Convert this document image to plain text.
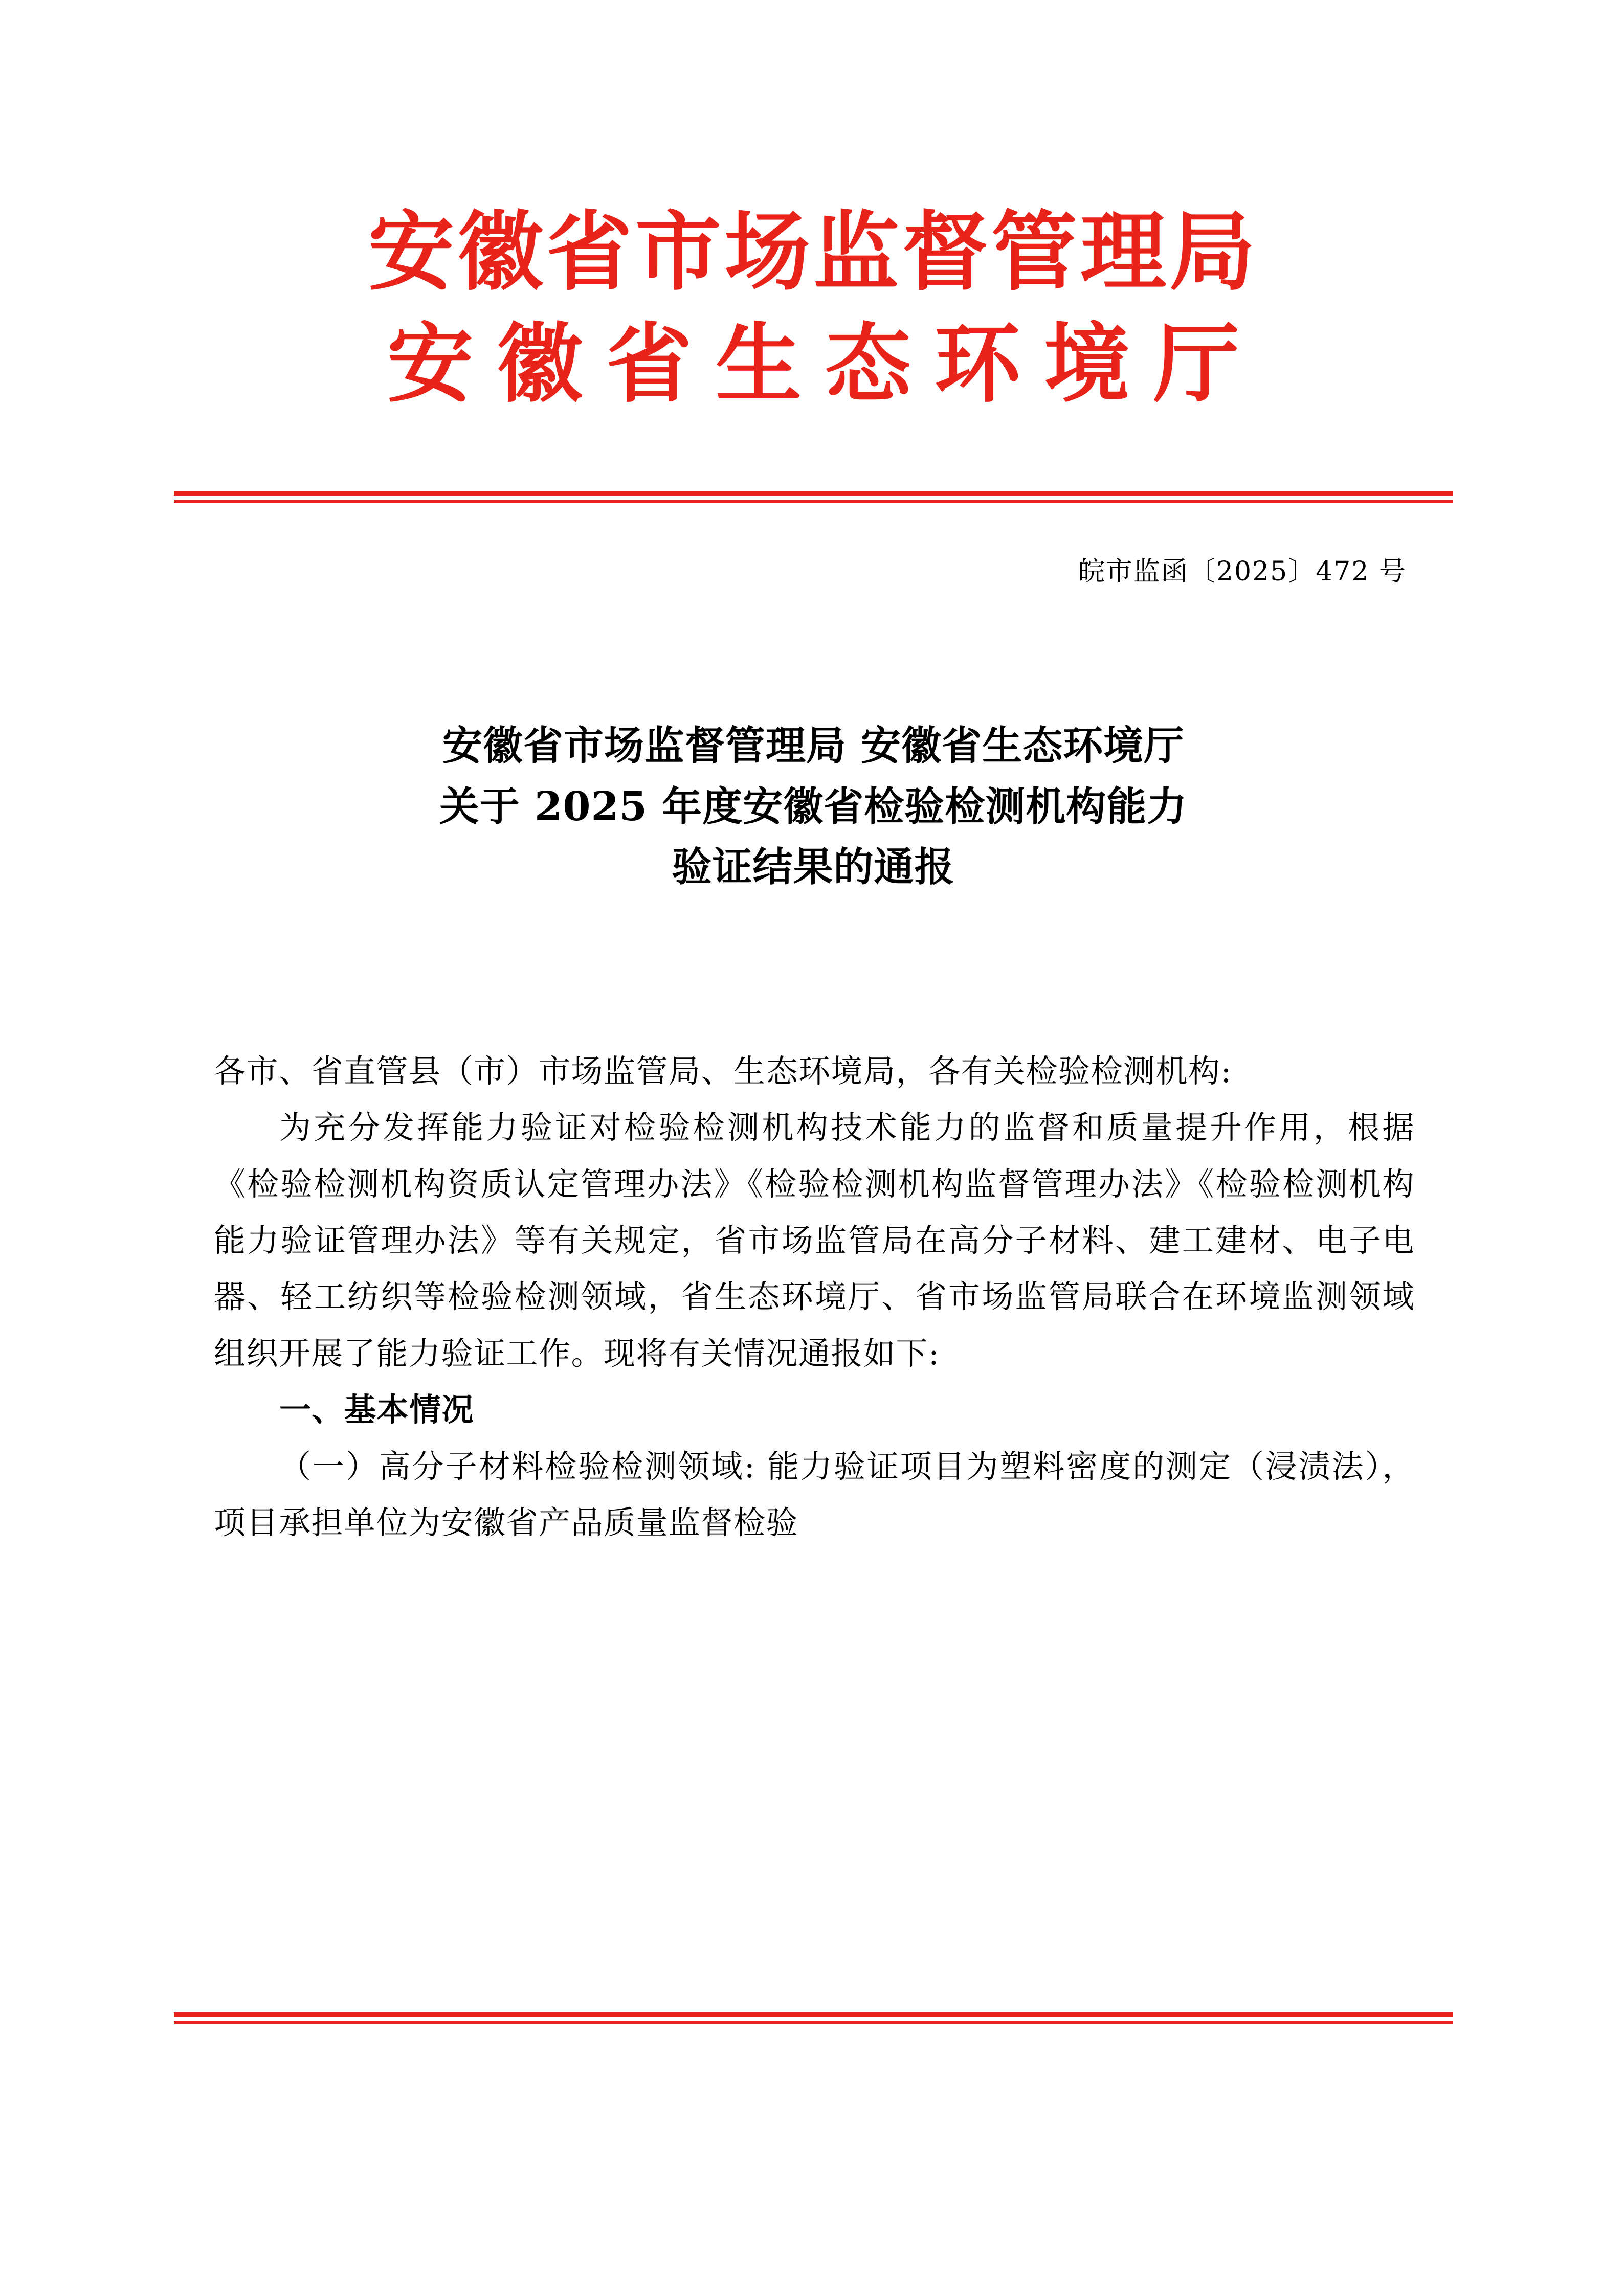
安徽省市场监督管理局
安徽省生态环境厅
皖市监函〔2025〕472 号
安徽省市场监督管理局 安徽省生态环境厅
关于 2025 年度安徽省检验检测机构能力
验证结果的通报

各市、省直管县（市）市场监管局、生态环境局，各有关检验检测机构:

为充分发挥能力验证对检验检测机构技术能力的监督和质量提升作用，根据《检验检测机构资质认定管理办法》《检验检测机构监督管理办法》《检验检测机构能力验证管理办法》等有关规定，省市场监管局在高分子材料、建工建材、电子电器、轻工纺织等检验检测领域，省生态环境厅、省市场监管局联合在环境监测领域组织开展了能力验证工作。现将有关情况通报如下:

一、基本情况

（一）高分子材料检验检测领域: 能力验证项目为塑料密度的测定（浸渍法），项目承担单位为安徽省产品质量监督检验
